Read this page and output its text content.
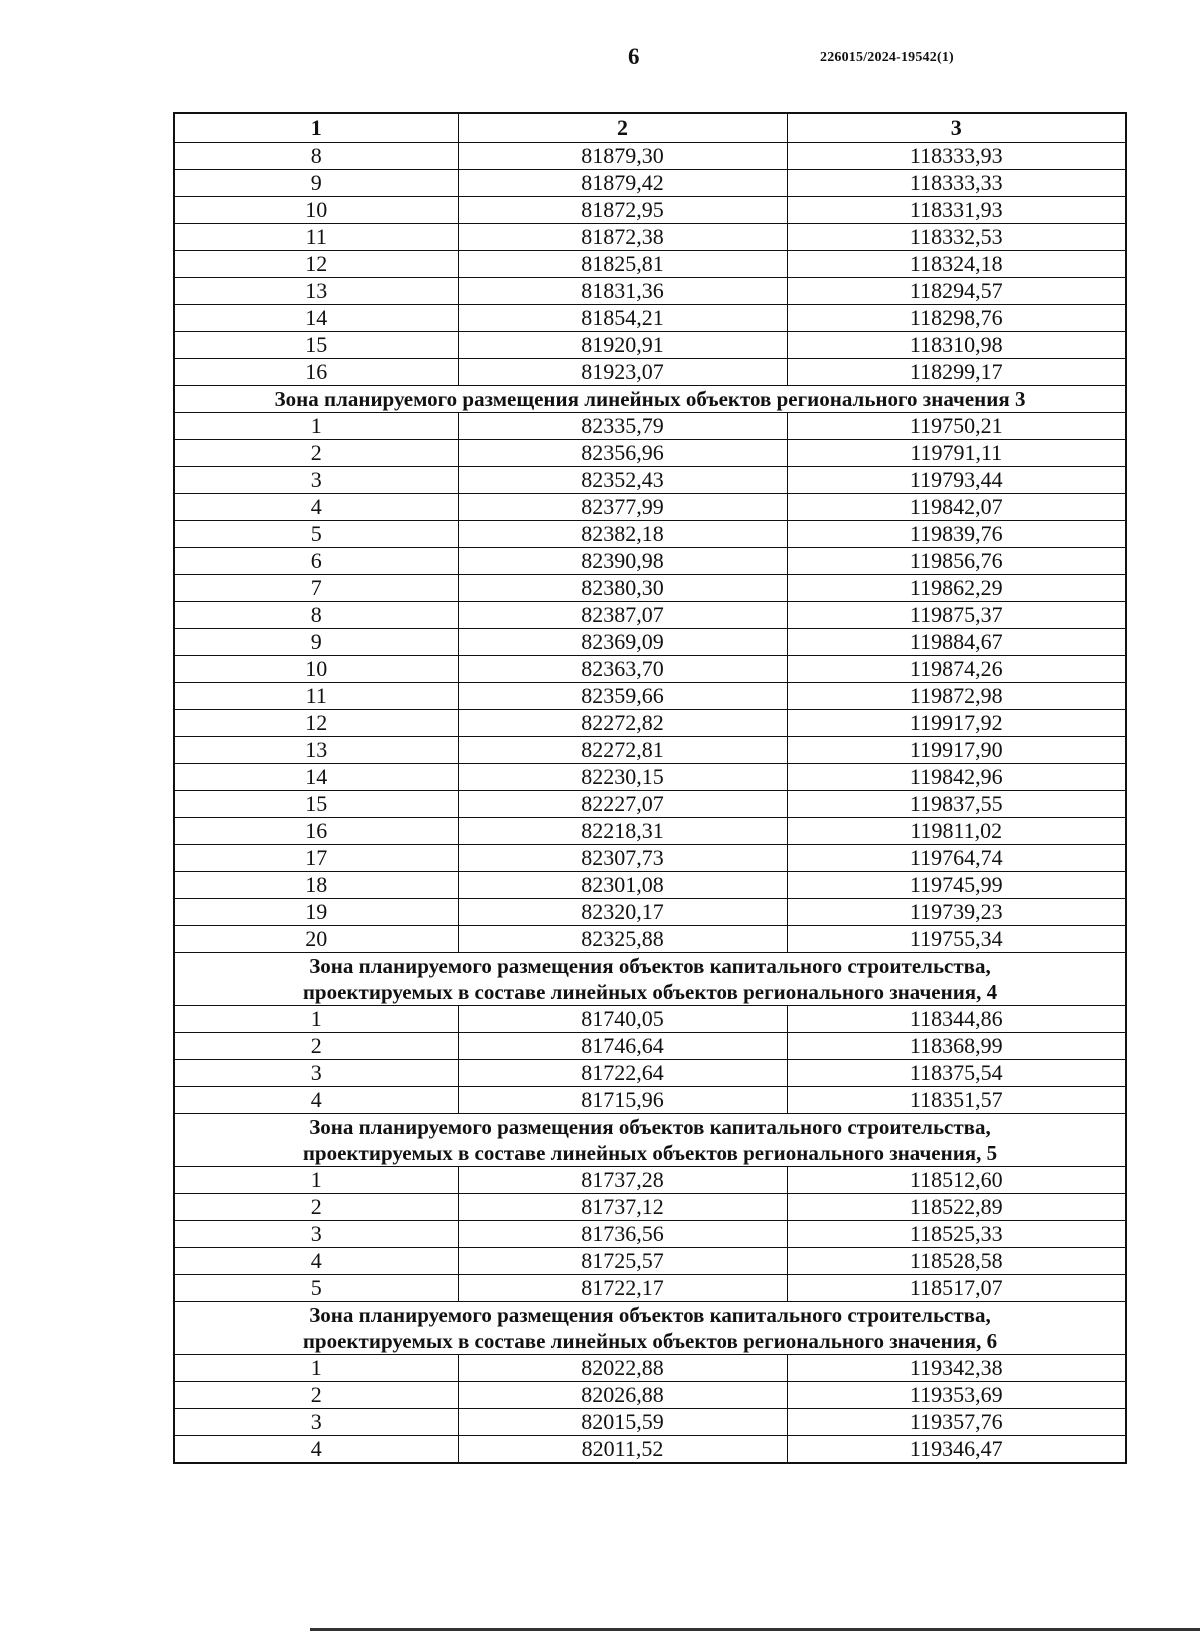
6	226015/2024-19542(1)
1	2	3
8	81879,30	118333,93
9	81879,42	118333,33
10	81872,95	118331,93
11	81872,38	118332,53
12	81825,81	118324,18
13	81831,36	118294,57
14	81854,21	118298,76
15	81920,91	118310,98
16	81923,07	118299,17
Зона планируемого размещения линейных объектов регионального значения 3		
1	82335,79	119750,21
2	82356,96	119791,11
3	82352,43	119793,44
4	82377,99	119842,07
5	82382,18	119839,76
6	82390,98	119856,76
7	82380,30	119862,29
8	82387,07	119875,37
9	82369,09	119884,67
10	82363,70	119874,26
11	82359,66	119872,98
12	82272,82	119917,92
13	82272,81	119917,90
14	82230,15	119842,96
15	82227,07	119837,55
16	82218,31	119811,02
17	82307,73	119764,74
18	82301,08	119745,99
19	82320,17	119739,23
20	82325,88	119755,34

Зона планируемого размещения объектов капитального строительства,
проектируемых в составе линейных объектов регионального значения, 4		

1	81740,05	118344,86
2	81746,64	118368,99
3	81722,64	118375,54
4	81715,96	118351,57

Зона планируемого размещения объектов капитального строительства,
проектируемых в составе линейных объектов регионального значения, 5		

1	81737,28	118512,60
2	81737,12	118522,89
3	81736,56	118525,33
4	81725,57	118528,58
5	81722,17	118517,07

Зона планируемого размещения объектов капитального строительства,
проектируемых в составе линейных объектов регионального значения, 6		

1	82022,88	119342,38
2	82026,88	119353,69
3	82015,59	119357,76
4	82011,52	119346,47
